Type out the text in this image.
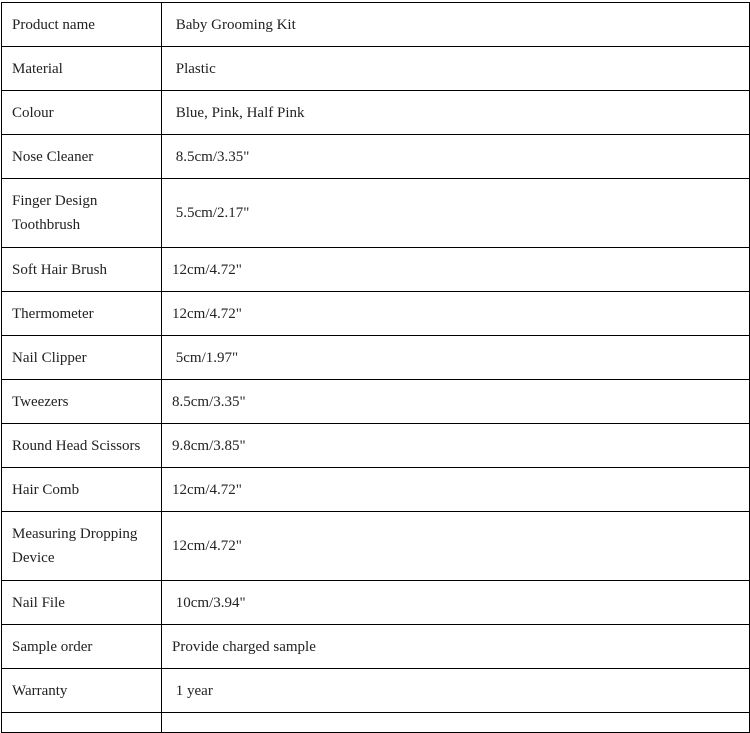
Product name	Baby Grooming Kit
Material	Plastic
Colour	Blue, Pink, Half Pink
Nose Cleaner	8.5cm/3.35"
Finger Design Toothbrush	5.5cm/2.17"
Soft Hair Brush	12cm/4.72"
Thermometer	12cm/4.72"
Nail Clipper	5cm/1.97"
Tweezers	8.5cm/3.35"
Round Head Scissors	9.8cm/3.85"
Hair Comb	12cm/4.72"
Measuring Dropping Device	12cm/4.72"
Nail File	10cm/3.94"
Sample order	Provide charged sample
Warranty	1 year
